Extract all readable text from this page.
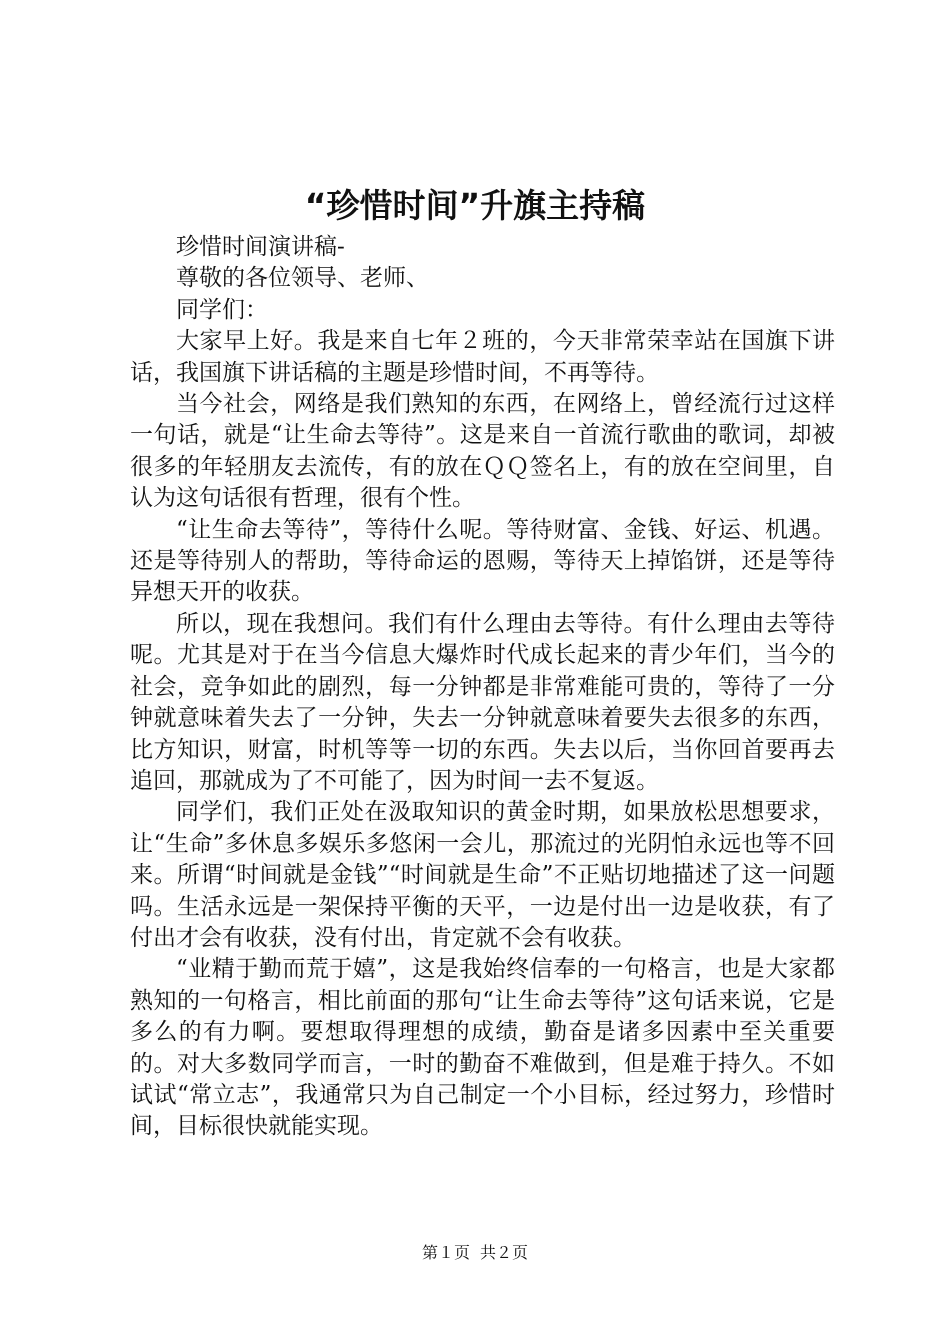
“珍惜时间”升旗主持稿

珍惜时间演讲稿-

尊敬的各位领导、老师、

同学们：

大家早上好。我是来自七年２班的，今天非常荣幸站在国旗下讲话，我国旗下讲话稿的主题是珍惜时间，不再等待。

当今社会，网络是我们熟知的东西，在网络上，曾经流行过这样一句话，就是“让生命去等待”。这是来自一首流行歌曲的歌词，却被很多的年轻朋友去流传，有的放在ＱＱ签名上，有的放在空间里，自认为这句话很有哲理，很有个性。

“让生命去等待”，等待什么呢。等待财富、金钱、好运、机遇。还是等待别人的帮助，等待命运的恩赐，等待天上掉馅饼，还是等待异想天开的收获。

所以，现在我想问。我们有什么理由去等待。有什么理由去等待呢。尤其是对于在当今信息大爆炸时代成长起来的青少年们，当今的社会，竞争如此的剧烈，每一分钟都是非常难能可贵的，等待了一分钟就意味着失去了一分钟，失去一分钟就意味着要失去很多的东西，比方知识，财富，时机等等一切的东西。失去以后，当你回首要再去追回，那就成为了不可能了，因为时间一去不复返。

同学们，我们正处在汲取知识的黄金时期，如果放松思想要求，让“生命”多休息多娱乐多悠闲一会儿，那流过的光阴怕永远也等不回来。所谓“时间就是金钱”“时间就是生命”不正贴切地描述了这一问题吗。生活永远是一架保持平衡的天平，一边是付出一边是收获，有了付出才会有收获，没有付出，肯定就不会有收获。

“业精于勤而荒于嬉”，这是我始终信奉的一句格言，也是大家都熟知的一句格言，相比前面的那句“让生命去等待”这句话来说，它是多么的有力啊。要想取得理想的成绩，勤奋是诸多因素中至关重要的。对大多数同学而言，一时的勤奋不难做到，但是难于持久。不如试试“常立志”，我通常只为自己制定一个小目标，经过努力，珍惜时间，目标很快就能实现。

第１页 共２页
